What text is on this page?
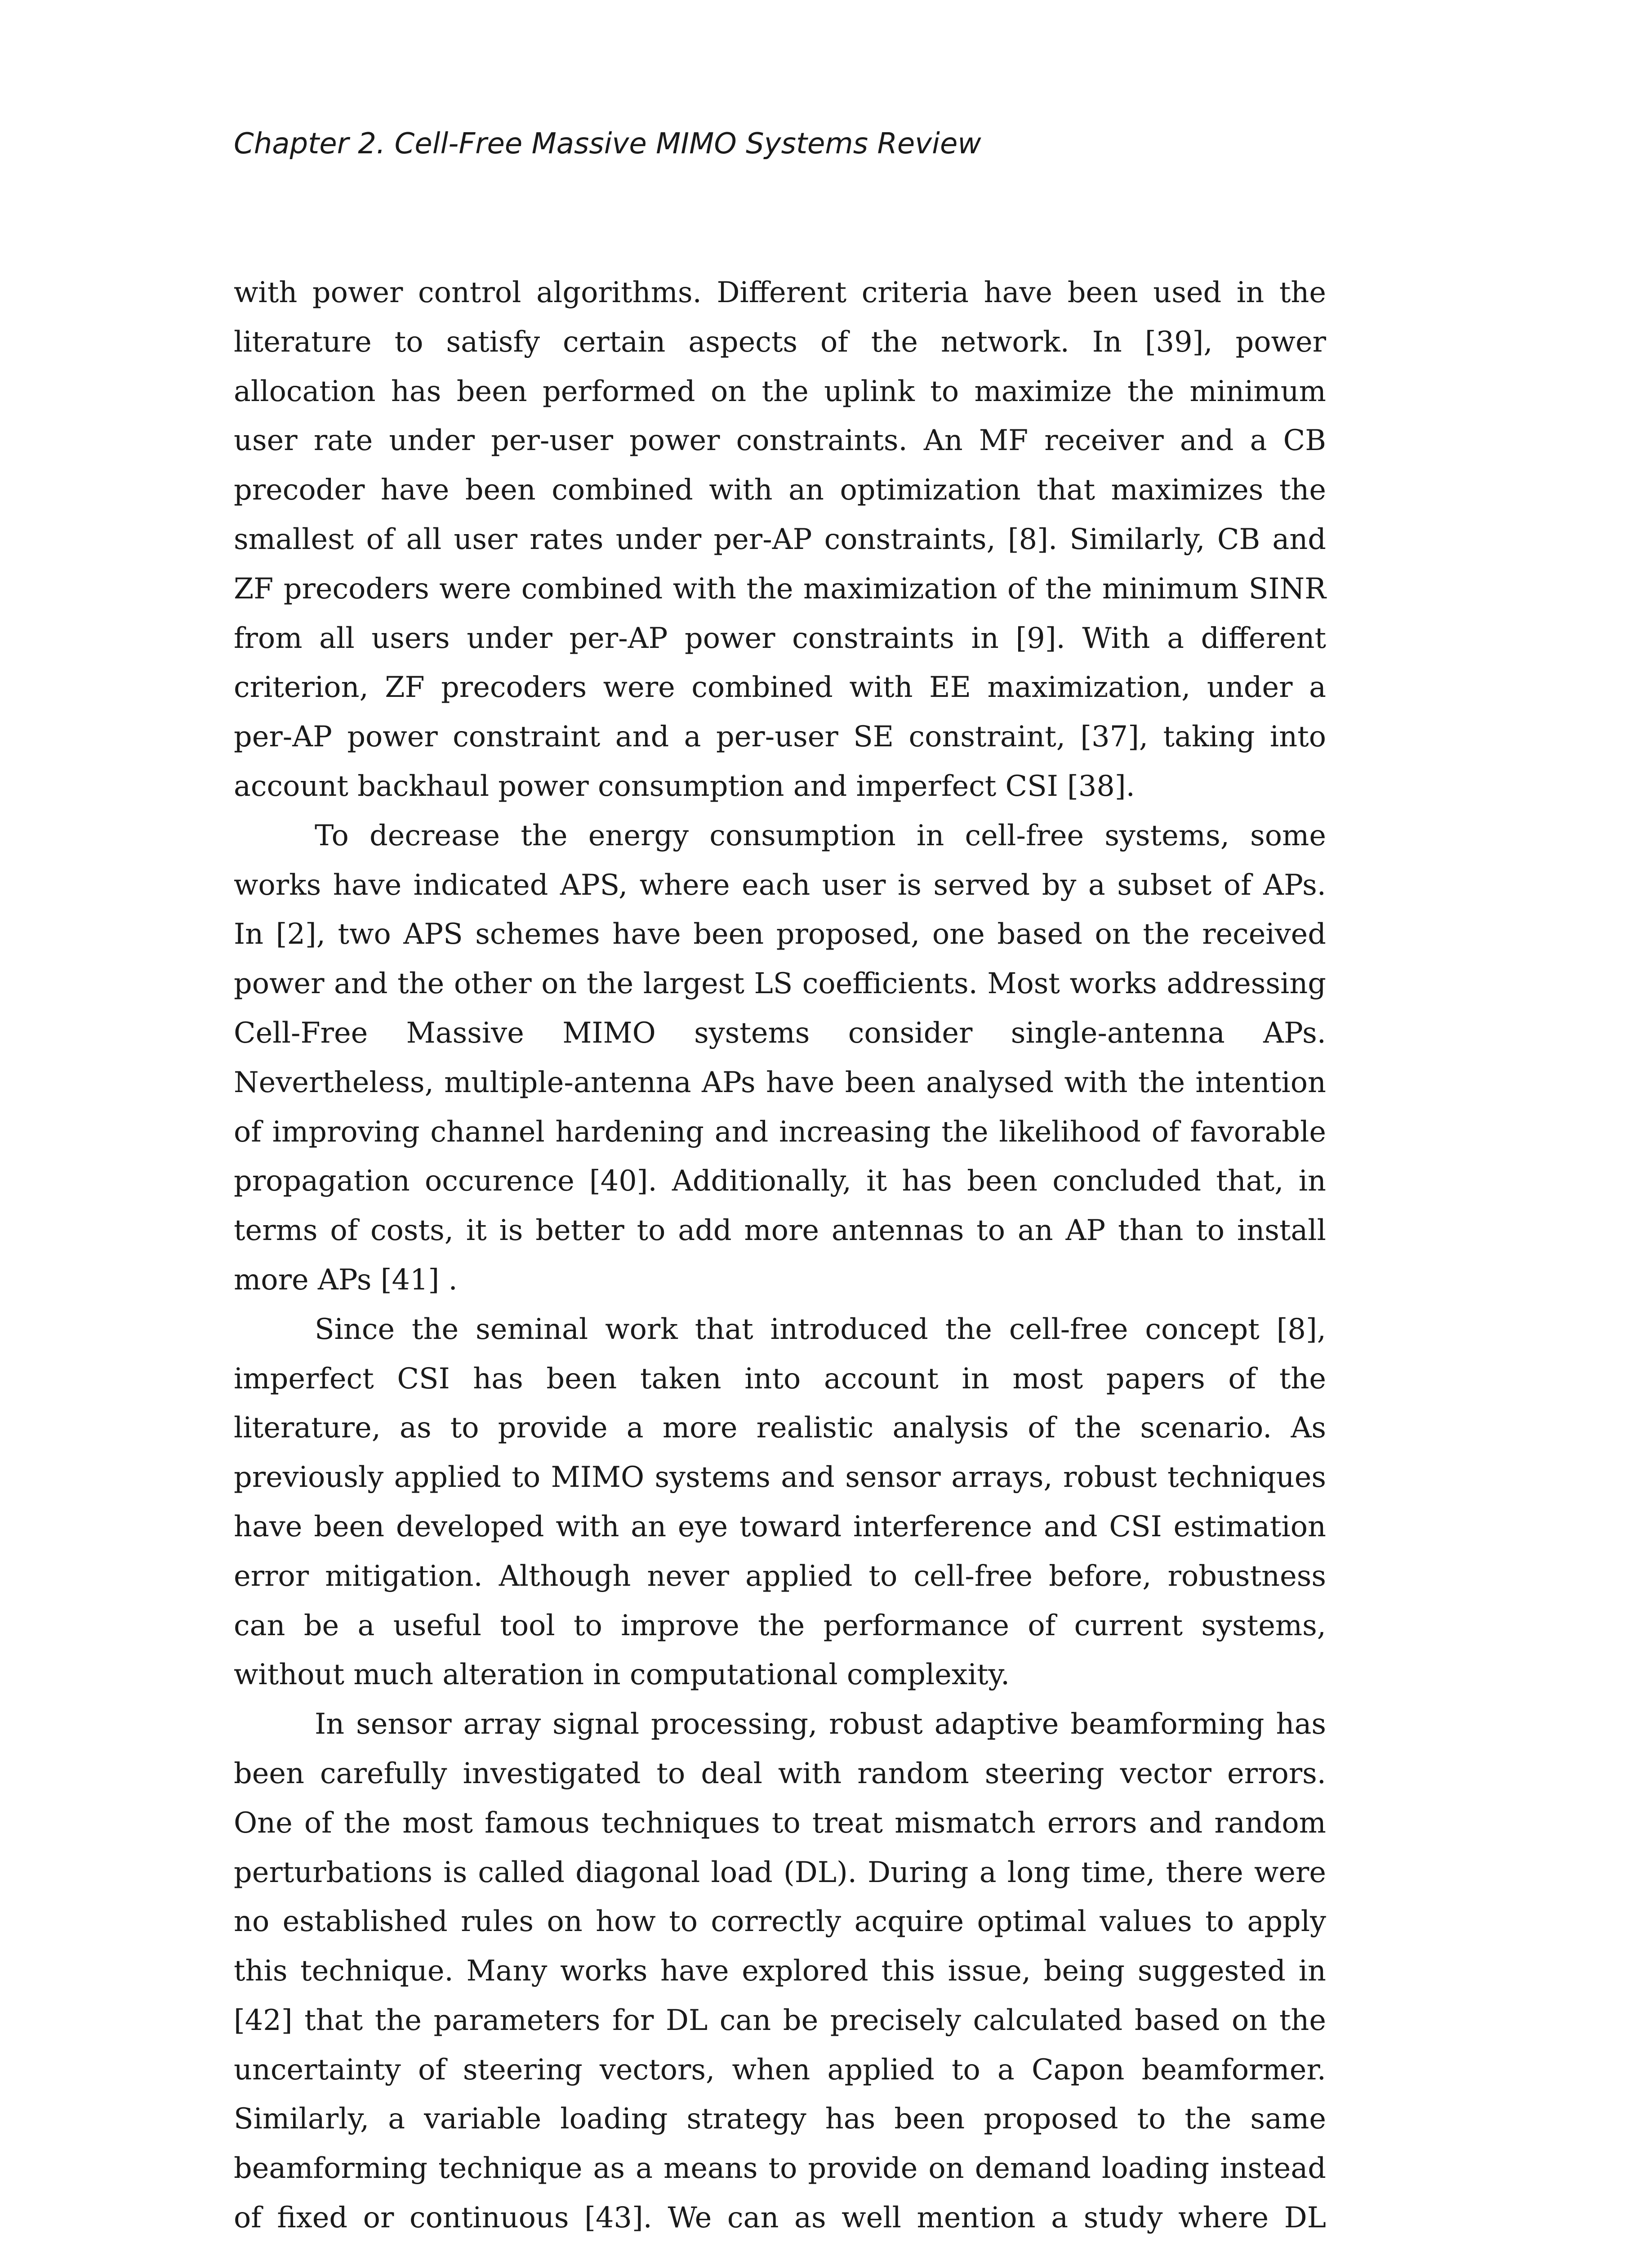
Chapter 2. Cell-Free Massive MIMO Systems Review

with power control algorithms. Different criteria have been used in the literature to satisfy certain aspects of the network. In [39], power allocation has been performed on the uplink to maximize the minimum user rate under per-user power constraints. An MF receiver and a CB precoder have been combined with an optimization that maximizes the smallest of all user rates under per-AP constraints, [8]. Similarly, CB and ZF precoders were combined with the maximization of the minimum SINR from all users under per-AP power constraints in [9]. With a different criterion, ZF precoders were combined with EE maximization, under a per-AP power constraint and a per-user SE constraint, [37], taking into account backhaul power consumption and imperfect CSI [38].

To decrease the energy consumption in cell-free systems, some works have indicated APS, where each user is served by a subset of APs. In [2], two APS schemes have been proposed, one based on the received power and the other on the largest LS coefficients. Most works addressing Cell-Free Massive MIMO systems consider single-antenna APs. Nevertheless, multiple-antenna APs have been analysed with the intention of improving channel hardening and increasing the likelihood of favorable propagation occurence [40]. Additionally, it has been concluded that, in terms of costs, it is better to add more antennas to an AP than to install more APs [41] .

Since the seminal work that introduced the cell-free concept [8], imperfect CSI has been taken into account in most papers of the literature, as to provide a more realistic analysis of the scenario. As previously applied to MIMO systems and sensor arrays, robust techniques have been developed with an eye toward interference and CSI estimation error mitigation. Although never applied to cell-free before, robustness can be a useful tool to improve the performance of current systems, without much alteration in computational complexity.

In sensor array signal processing, robust adaptive beamforming has been carefully investigated to deal with random steering vector errors. One of the most famous techniques to treat mismatch errors and random perturbations is called diagonal load (DL). During a long time, there were no established rules on how to correctly acquire optimal values to apply this technique. Many works have explored this issue, being suggested in [42] that the parameters for DL can be precisely calculated based on the uncertainty of steering vectors, when applied to a Capon beamformer. Similarly, a variable loading strategy has been proposed to the same beamforming technique as a means to provide on demand loading instead of fixed or continuous [43]. We can as well mention a study where DL
